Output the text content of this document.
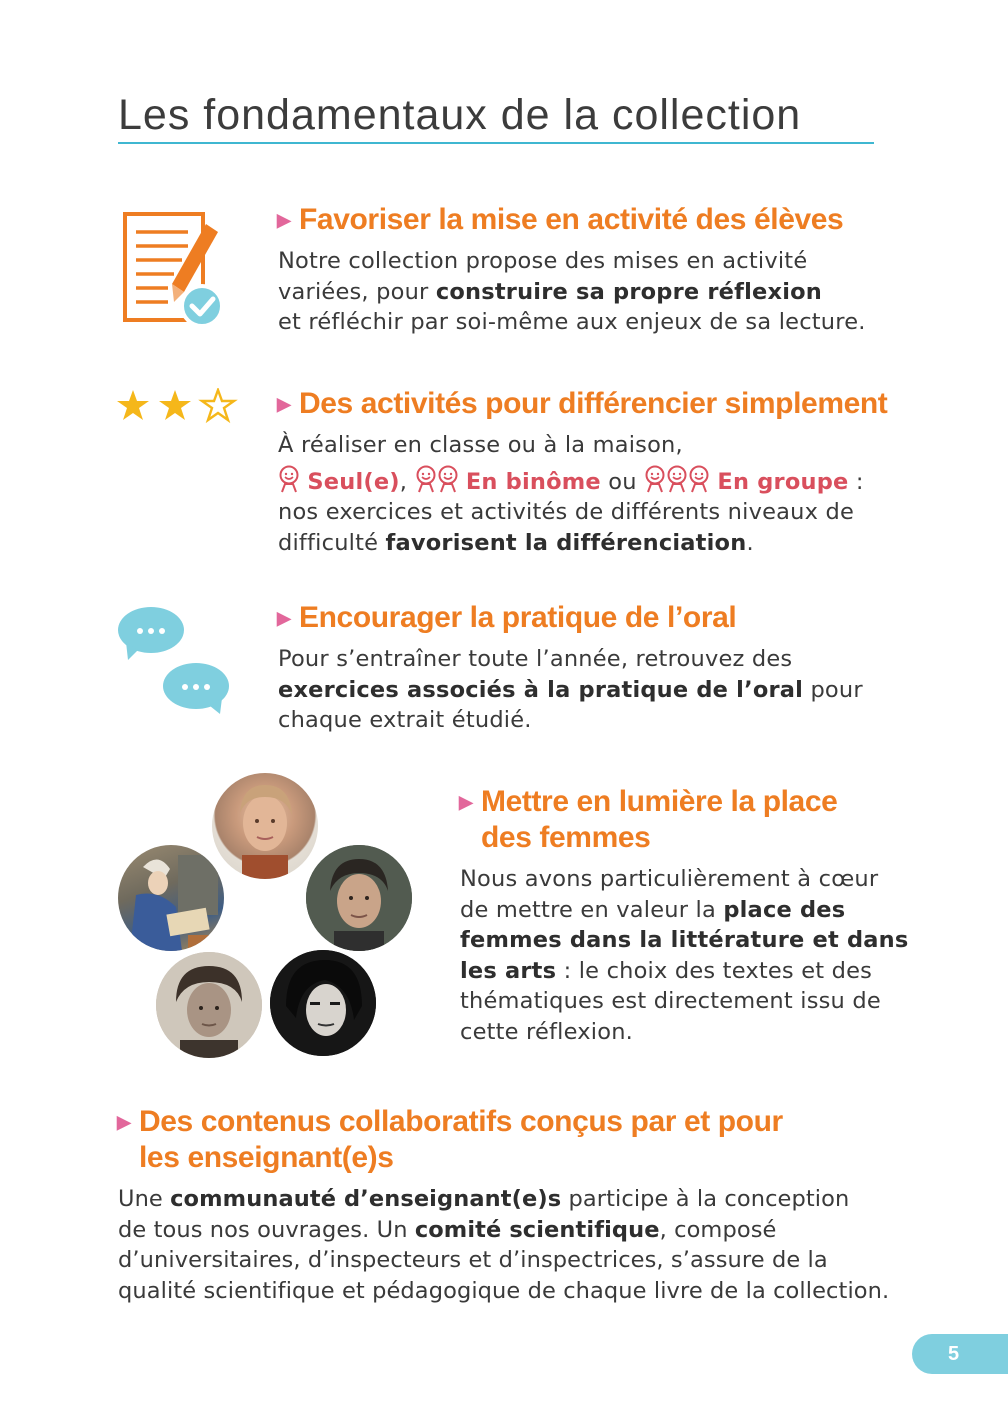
Les fondamentaux de la collection
▶ Favoriser la mise en activité des élèves
Notre collection propose des mises en activité
variées, pour construire sa propre réflexion
et réfléchir par soi-même aux enjeux de sa lecture.
▶ Des activités pour différencier simplement
À réaliser en classe ou à la maison,
Seul(e),	En binôme ou	En groupe :
nos exercices et activités de différents niveaux de
difficulté favorisent la différenciation.
▶ Encourager la pratique de l’oral
Pour s’entraîner toute l’année, retrouvez des
exercices associés à la pratique de l’oral pour
chaque extrait étudié.
▶ Mettre en lumière la place
des femmes
Nous avons particulièrement à cœur
de mettre en valeur la place des
femmes dans la littérature et dans
les arts : le choix des textes et des
thématiques est directement issu de
cette réflexion.
▶ Des contenus collaboratifs conçus par et pour
les enseignant(e)s
Une communauté d’enseignant(e)s participe à la conception
de tous nos ouvrages. Un comité scientifique, composé
d’universitaires, d’inspecteurs et d’inspectrices, s’assure de la
qualité scientifique et pédagogique de chaque livre de la collection.
5
